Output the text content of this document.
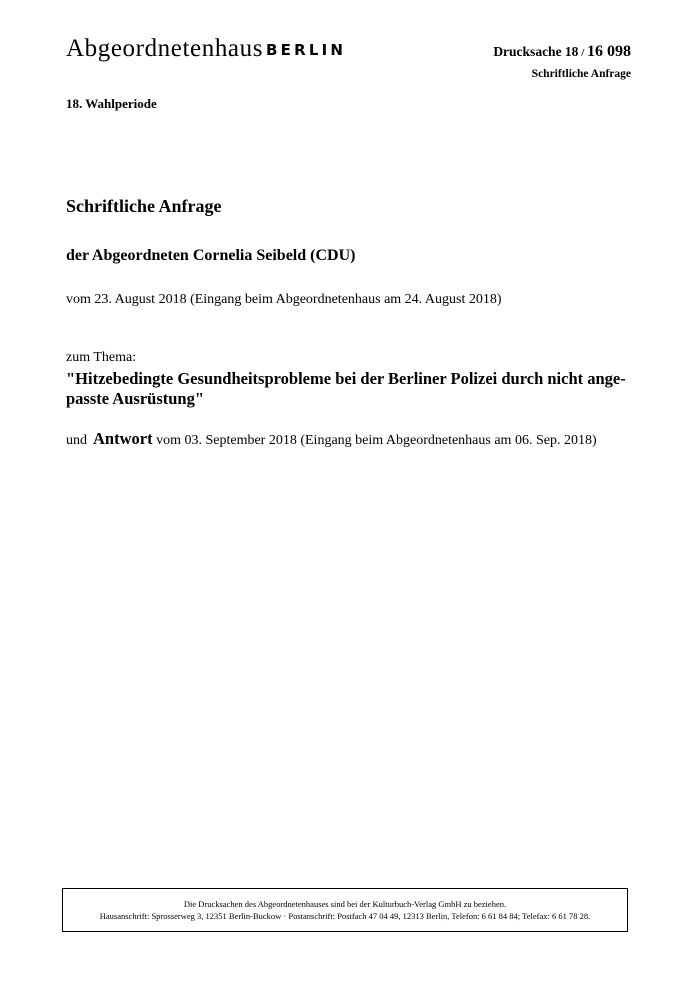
Abgeordnetenhaus BERLIN	Drucksache 18 / 16 098
Schriftliche Anfrage
18. Wahlperiode
Schriftliche Anfrage
der Abgeordneten Cornelia Seibeld (CDU)
vom 23. August 2018 (Eingang beim Abgeordnetenhaus am 24. August 2018)
zum Thema:
"Hitzebedingte Gesundheitsprobleme bei der Berliner Polizei durch nicht ange-
passte Ausrüstung"
und Antwort vom 03. September 2018 (Eingang beim Abgeordnetenhaus am 06. Sep. 2018)
Die Drucksachen des Abgeordnetenhauses sind bei der Kulturbuch-Verlag GmbH zu beziehen.
Hausanschrift: Sprosserweg 3, 12351 Berlin-Buckow · Postanschrift: Postfach 47 04 49, 12313 Berlin, Telefon: 6 61 84 84; Telefax: 6 61 78 28.
